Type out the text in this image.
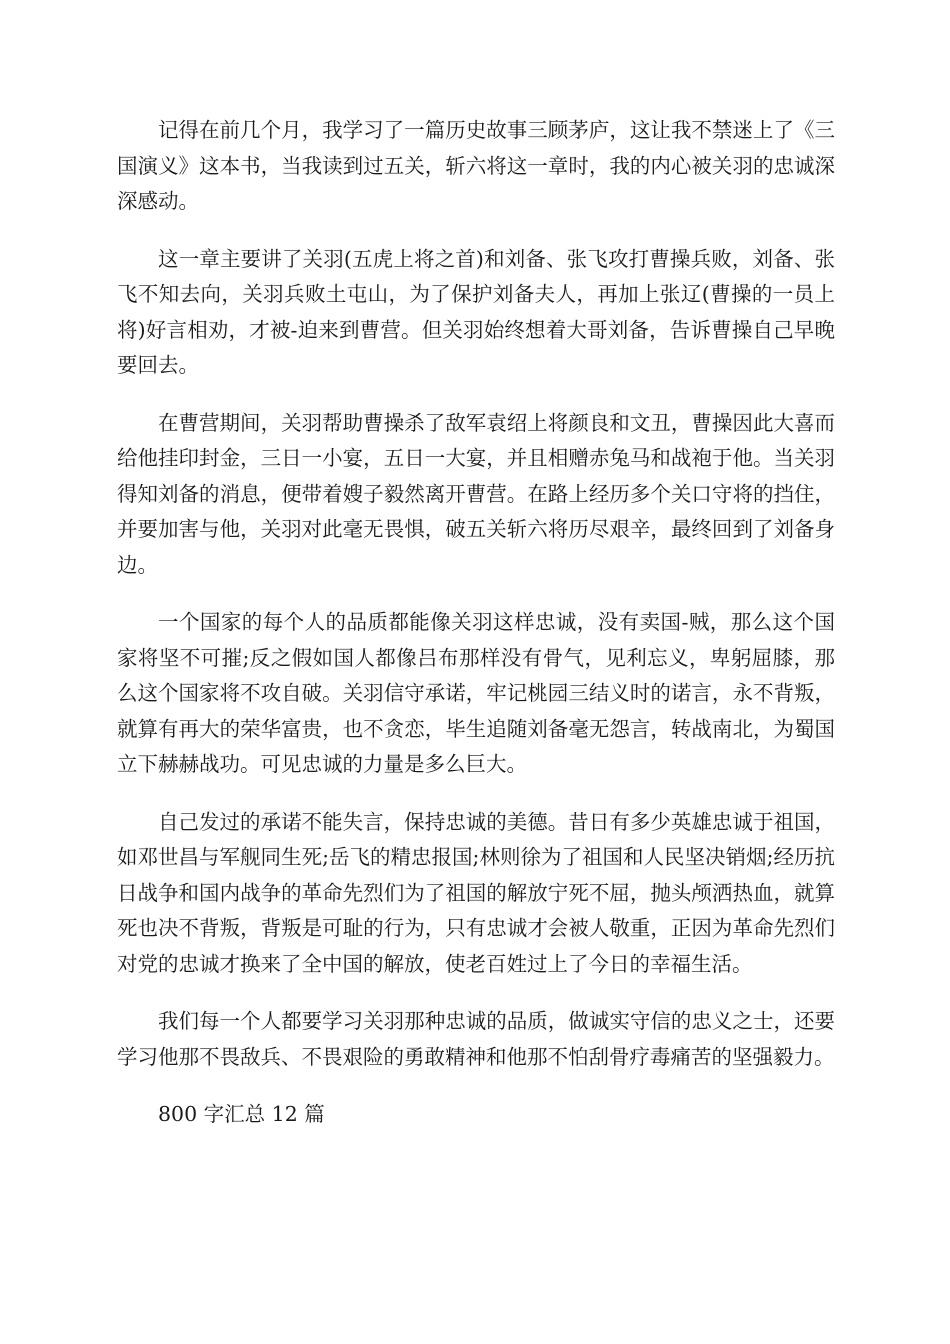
记得在前几个月，我学习了一篇历史故事三顾茅庐，这让我不禁迷上了《三国演义》这本书，当我读到过五关，斩六将这一章时，我的内心被关羽的忠诚深深感动。

这一章主要讲了关羽(五虎上将之首)和刘备、张飞攻打曹操兵败，刘备、张飞不知去向，关羽兵败土屯山，为了保护刘备夫人，再加上张辽(曹操的一员上将)好言相劝，才被-迫来到曹营。但关羽始终想着大哥刘备，告诉曹操自己早晚要回去。

在曹营期间，关羽帮助曹操杀了敌军袁绍上将颜良和文丑，曹操因此大喜而给他挂印封金，三日一小宴，五日一大宴，并且相赠赤兔马和战袍于他。当关羽得知刘备的消息，便带着嫂子毅然离开曹营。在路上经历多个关口守将的挡住，并要加害与他，关羽对此毫无畏惧，破五关斩六将历尽艰辛，最终回到了刘备身边。

一个国家的每个人的品质都能像关羽这样忠诚，没有卖国-贼，那么这个国家将坚不可摧;反之假如国人都像吕布那样没有骨气，见利忘义，卑躬屈膝，那么这个国家将不攻自破。关羽信守承诺，牢记桃园三结义时的诺言，永不背叛，就算有再大的荣华富贵，也不贪恋，毕生追随刘备毫无怨言，转战南北，为蜀国立下赫赫战功。可见忠诚的力量是多么巨大。

自己发过的承诺不能失言，保持忠诚的美德。昔日有多少英雄忠诚于祖国，如邓世昌与军舰同生死;岳飞的精忠报国;林则徐为了祖国和人民坚决销烟;经历抗日战争和国内战争的革命先烈们为了祖国的解放宁死不屈，抛头颅洒热血，就算死也决不背叛，背叛是可耻的行为，只有忠诚才会被人敬重，正因为革命先烈们对党的忠诚才换来了全中国的解放，使老百姓过上了今日的幸福生活。

我们每一个人都要学习关羽那种忠诚的品质，做诚实守信的忠义之士，还要学习他那不畏敌兵、不畏艰险的勇敢精神和他那不怕刮骨疗毒痛苦的坚强毅力。

800 字汇总 12 篇
